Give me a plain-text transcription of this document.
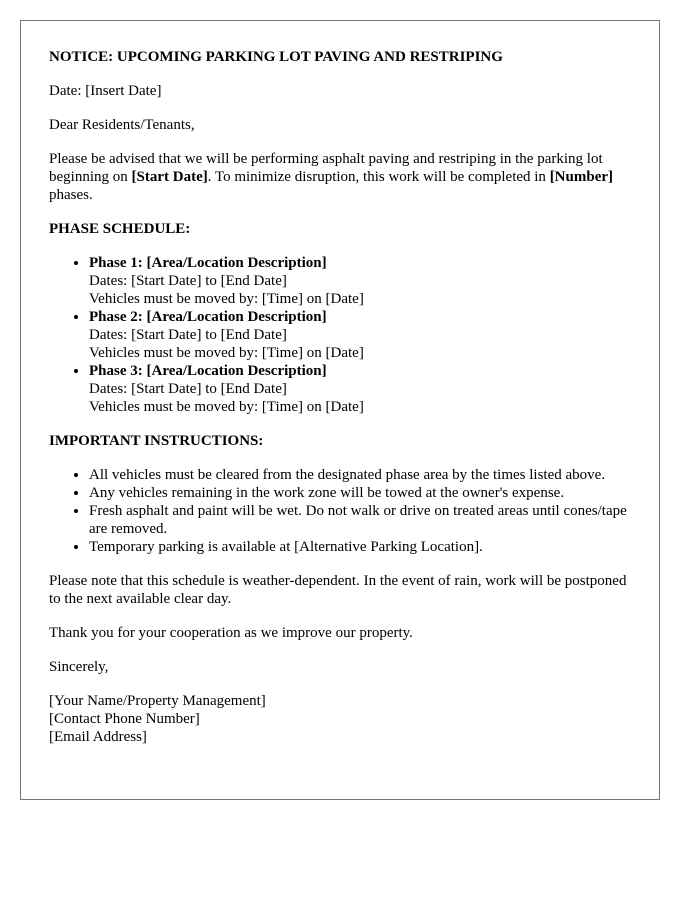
NOTICE: UPCOMING PARKING LOT PAVING AND RESTRIPING

Date: [Insert Date]

Dear Residents/Tenants,

Please be advised that we will be performing asphalt paving and restriping in the parking lot beginning on [Start Date]. To minimize disruption, this work will be completed in [Number] phases.

PHASE SCHEDULE:
• Phase 1: [Area/Location Description]
Dates: [Start Date] to [End Date]
Vehicles must be moved by: [Time] on [Date]
• Phase 2: [Area/Location Description]
Dates: [Start Date] to [End Date]
Vehicles must be moved by: [Time] on [Date]
• Phase 3: [Area/Location Description]
Dates: [Start Date] to [End Date]
Vehicles must be moved by: [Time] on [Date]
IMPORTANT INSTRUCTIONS:
• All vehicles must be cleared from the designated phase area by the times listed above.
• Any vehicles remaining in the work zone will be towed at the owner's expense.
• Fresh asphalt and paint will be wet. Do not walk or drive on treated areas until cones/tape are removed.
• Temporary parking is available at [Alternative Parking Location].

Please note that this schedule is weather-dependent. In the event of rain, work will be postponed to the next available clear day.

Thank you for your cooperation as we improve our property.

Sincerely,

[Your Name/Property Management]
[Contact Phone Number]
[Email Address]
